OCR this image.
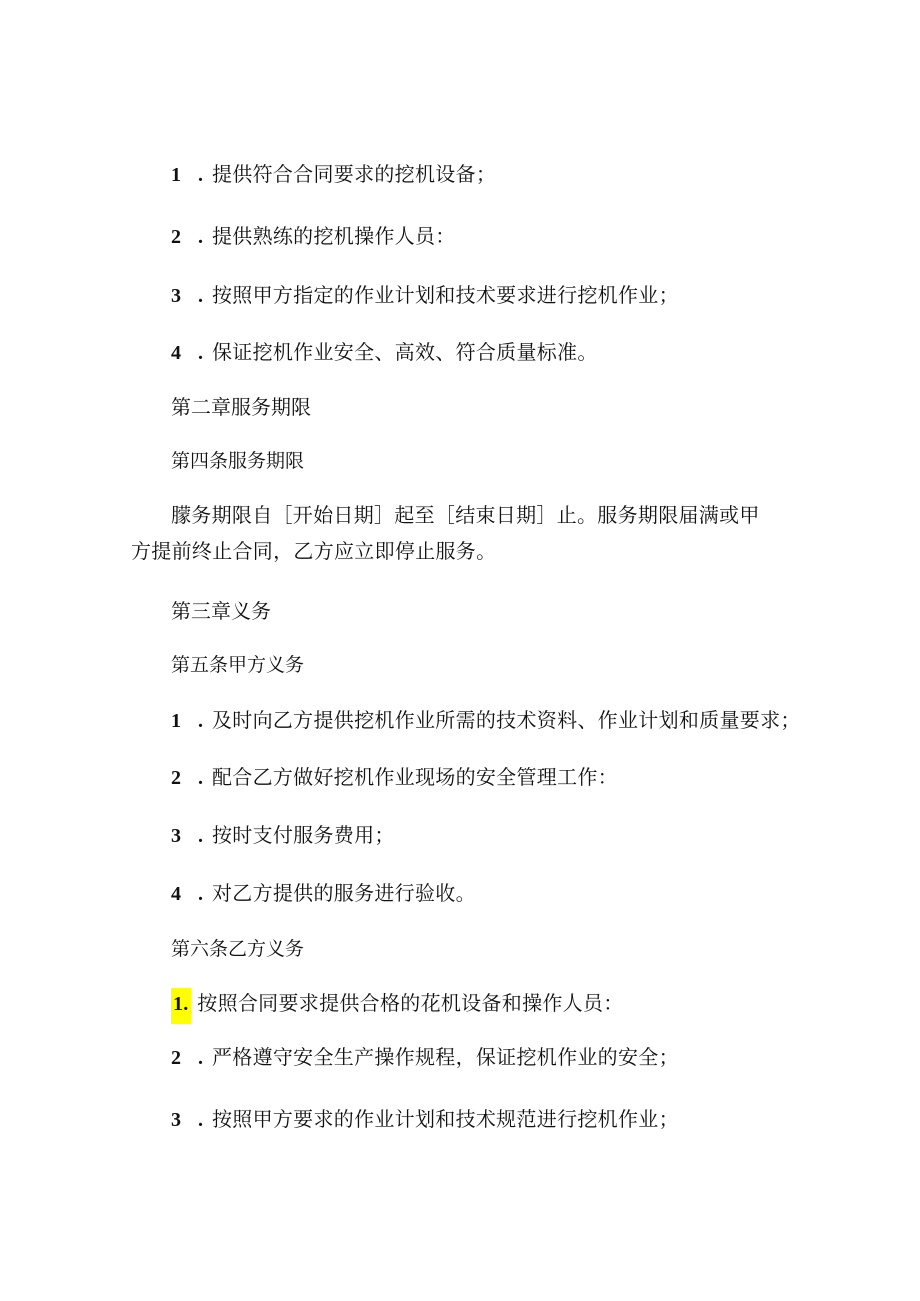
1 . 提供符合合同要求的挖机设备；
2 . 提供熟练的挖机操作人员：
3 . 按照甲方指定的作业计划和技术要求进行挖机作业；
4 . 保证挖机作业安全、高效、符合质量标准。
第二章服务期限
第四条服务期限
朦务期限自［开始日期］起至［结束日期］止。服务期限届满或甲方提前终止合同，乙方应立即停止服务。
第三章义务
第五条甲方义务
1 . 及时向乙方提供挖机作业所需的技术资料、作业计划和质量要求；
2 . 配合乙方做好挖机作业现场的安全管理工作：
3 . 按时支付服务费用；
4 . 对乙方提供的服务进行验收。
第六条乙方义务
1. 按照合同要求提供合格的花机设备和操作人员：
2 . 严格遵守安全生产操作规程，保证挖机作业的安全；
3 . 按照甲方要求的作业计划和技术规范进行挖机作业；
